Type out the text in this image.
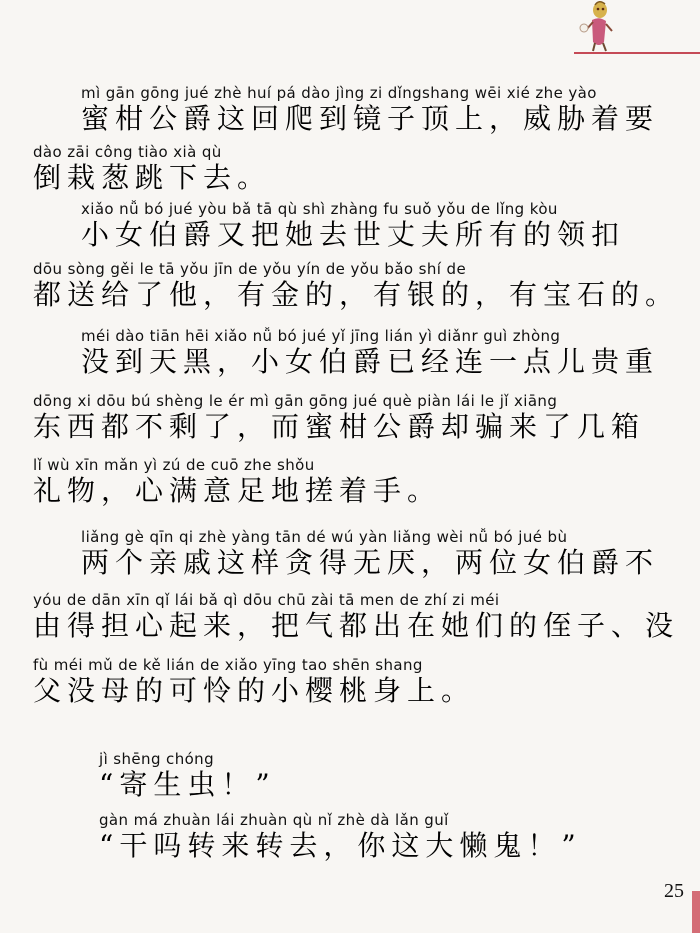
mì gān gōng jué zhè huí pá dào jìng zi dǐngshang wēi xié zhe yào
蜜柑公爵这回爬到镜子顶上，威胁着要
dào zāi công tiào xià qù
倒栽葱跳下去。
xiǎo nǚ bó jué yòu bǎ tā qù shì zhàng fu suǒ yǒu de lǐng kòu
小女伯爵又把她去世丈夫所有的领扣
dōu sòng gěi le tā yǒu jīn de yǒu yín de yǒu bǎo shí de
都送给了他，有金的，有银的，有宝石的。
méi dào tiān hēi xiǎo nǚ bó jué yǐ jīng lián yì diǎnr guì zhòng
没到天黑，小女伯爵已经连一点儿贵重
dōng xi dōu bú shèng le ér mì gān gōng jué què piàn lái le jǐ xiāng
东西都不剩了，而蜜柑公爵却骗来了几箱
lǐ wù xīn mǎn yì zú de cuō zhe shǒu
礼物，心满意足地搓着手。
liǎng gè qīn qi zhè yàng tān dé wú yàn liǎng wèi nǚ bó jué bù
两个亲戚这样贪得无厌，两位女伯爵不
yóu de dān xīn qǐ lái bǎ qì dōu chū zài tā men de zhí zi méi
由得担心起来，把气都出在她们的侄子、没
fù méi mǔ de kě lián de xiǎo yīng tao shēn shang
父没母的可怜的小樱桃身上。
jì shēng chóng
“寄生虫！”
gàn má zhuàn lái zhuàn qù nǐ zhè dà lǎn guǐ
“干吗转来转去，你这大懒鬼！”
25
